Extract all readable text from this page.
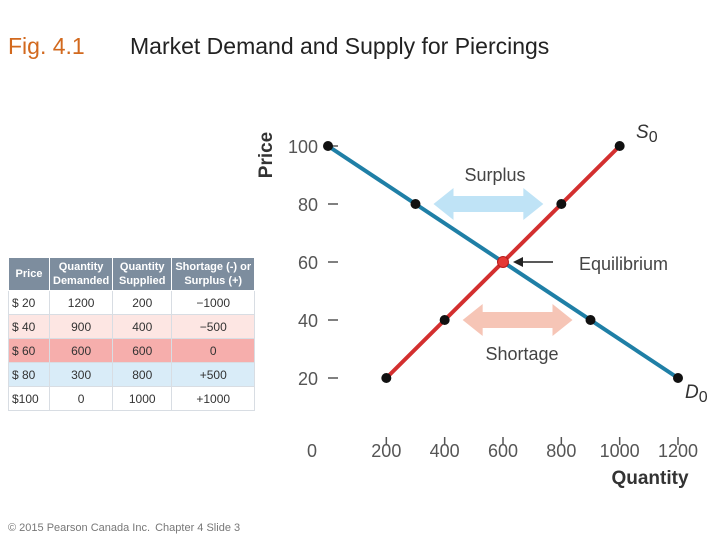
Fig. 4.1 Market Demand and Supply for Piercings
Price	Quantity Demanded	Quantity Supplied	Shortage (-) or Surplus (+)
$ 20	1200	200	−1000
$ 40	900	400	−500
$ 60	600	600	0
$ 80	300	800	+500
$100	0	1000	+1000
20
40
60
80
100
0	200 400 600 800 1000 1200
Quantity
Price	Surplus
Shortage
Equilibrium
$S_0$
$D_0$
© 2015 Pearson Canada Inc. Chapter 4 Slide 3
